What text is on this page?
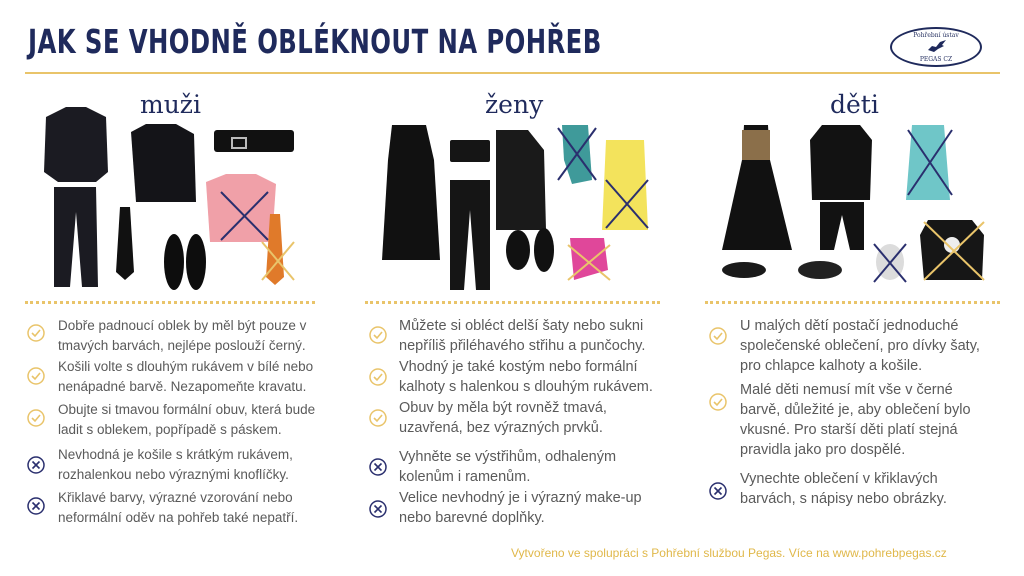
JAK SE VHODNĚ OBLÉKNOUT NA POHŘEB	Pohřební ústav
PEGAS CZ
muži	ženy	děti
Dobře padnoucí oblek by měl být pouze v tmavých barvách, nejlépe poslouží černý.
Košili volte s dlouhým rukávem v bílé nebo nenápadné barvě. Nezapomeňte kravatu.
Obujte si tmavou formální obuv, která bude ladit s oblekem, popřípadě s páskem.
Nevhodná je košile s krátkým rukávem, rozhalenkou nebo výraznými knoflíčky.
Křiklavé barvy, výrazné vzorování nebo neformální oděv na pohřeb také nepatří.
Můžete si obléct delší šaty nebo sukni nepříliš přiléhavého střihu a punčochy.
Vhodný je také kostým nebo formální kalhoty s halenkou s dlouhým rukávem.
Obuv by měla být rovněž tmavá, uzavřená, bez výrazných prvků.
Vyhněte se výstřihům, odhaleným kolenům i ramenům.
Velice nevhodný je i výrazný make-up nebo barevné doplňky.
U malých dětí postačí jednoduché společenské oblečení, pro dívky šaty, pro chlapce kalhoty a košile.
Malé děti nemusí mít vše v černé barvě, důležité je, aby oblečení bylo vkusné. Pro starší děti platí stejná pravidla jako pro dospělé.
Vynechte oblečení v křiklavých barvách, s nápisy nebo obrázky.
Vytvořeno ve spolupráci s Pohřební službou Pegas. Více na www.pohrebpegas.cz
